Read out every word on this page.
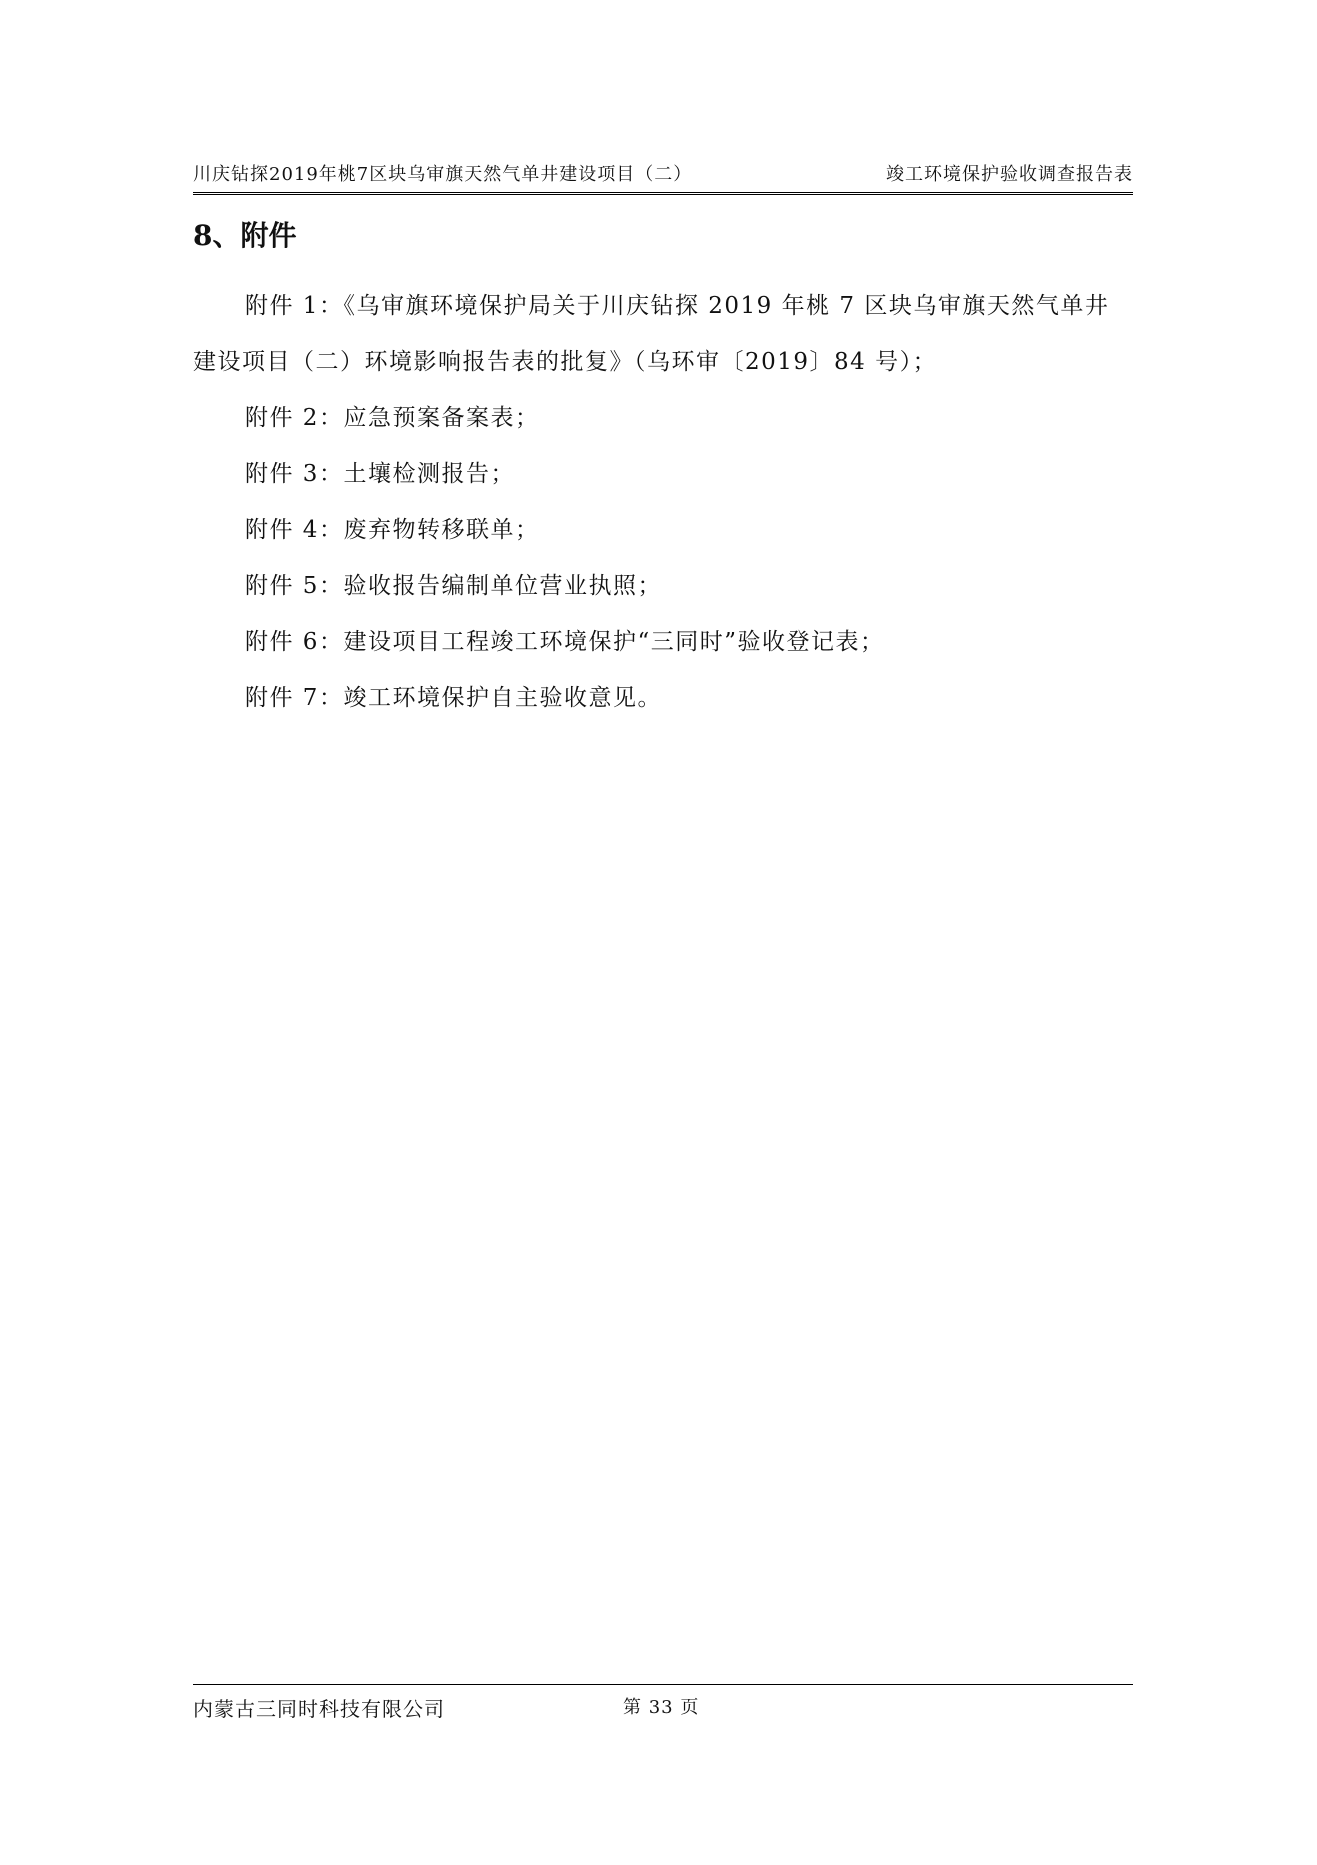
川庆钻探2019年桃7区块乌审旗天然气单井建设项目（二）	竣工环境保护验收调查报告表
8、附件
附件 1：《乌审旗环境保护局关于川庆钻探 2019 年桃 7 区块乌审旗天然气单井建设项目（二）环境影响报告表的批复》（乌环审〔2019〕84 号）；
附件 2：应急预案备案表；
附件 3：土壤检测报告；
附件 4：废弃物转移联单；
附件 5：验收报告编制单位营业执照；
附件 6：建设项目工程竣工环境保护“三同时”验收登记表；
附件 7：竣工环境保护自主验收意见。
内蒙古三同时科技有限公司	第 33 页
